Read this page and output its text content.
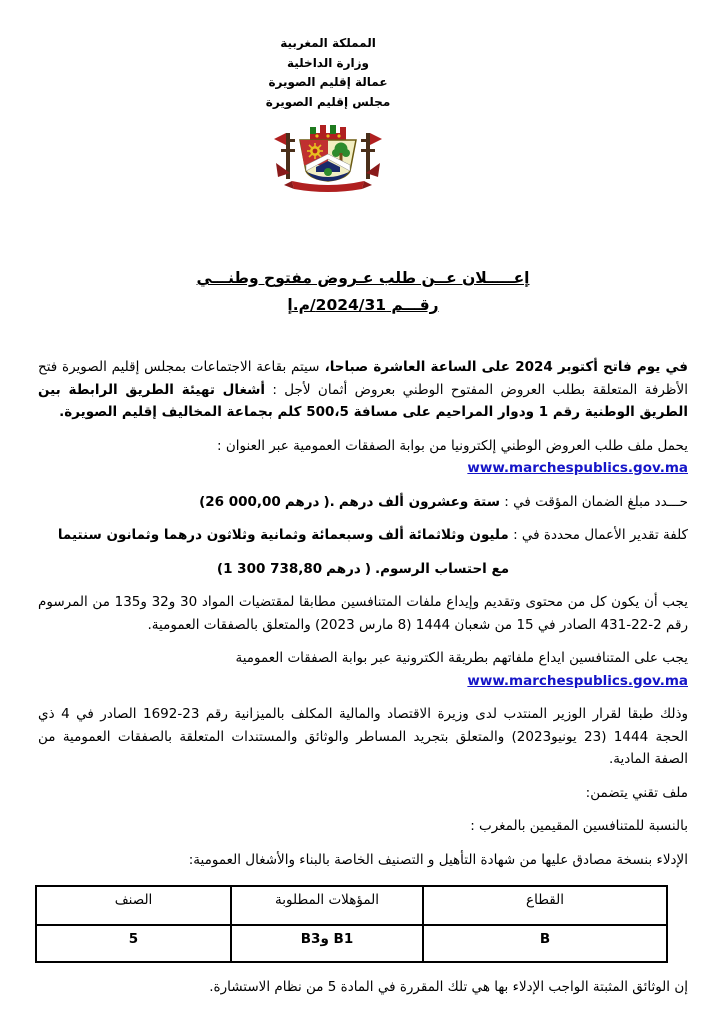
المملكة المغربية
وزارة الداخلية
عمالة إقليم الصويرة
مجلس إقليم الصويرة
إعـــــلان عــن طلب عـروض مفتوح وطنـــي
رقـــم 2024/31/م.إ

في يوم فاتح أكتوبر 2024 على الساعة العاشرة صباحا، سيتم بقاعة الاجتماعات بمجلس إقليم الصويرة فتح الأظرفة المتعلقة بطلب العروض المفتوح الوطني بعروض أثمان لأجل : أشغال تهيئة الطريق الرابطة بين الطريق الوطنية رقم 1 ودوار المراحيم على مسافة 500،5 كلم بجماعة المخاليف إقليم الصويرة.

يحمل ملف طلب العروض الوطني إلكترونيا من بوابة الصفقات العمومية عبر العنوان : www.marchespublics.gov.ma

(26 000,00 درهم ).	حـــدد مبلغ الضمان المؤقت في : ستة وعشرون ألف درهم

كلفة تقدير الأعمال محددة في : مليون وثلاثمائة ألف وسبعمائة وثمانية وثلاثون درهما وثمانون سنتيما

(1 300 738,80 درهم ) مع احتساب الرسوم.

يجب أن يكون كل من محتوى وتقديم وإيداع ملفات المتنافسين مطابقا لمقتضيات المواد 30 و32 و135 من المرسوم رقم 2-22-431 الصادر في 15 من شعبان 1444 (8 مارس 2023) والمتعلق بالصفقات العمومية.

يجب على المتنافسين ايداع ملفاتهم بطريقة الكترونية عبر بوابة الصفقات العمومية www.marchespublics.gov.ma

وذلك طبقا لقرار الوزير المنتدب لدى وزيرة الاقتصاد والمالية المكلف بالميزانية رقم 23-1692 الصادر في 4 ذي الحجة 1444 (23 يونيو2023) والمتعلق بتجريد المساطر والوثائق والمستندات المتعلقة بالصفقات العمومية من الصفة المادية.

ملف تقني يتضمن:

بالنسبة للمتنافسين المقيمين بالمغرب :

الإدلاء بنسخة مصادق عليها من شهادة التأهيل و التصنيف الخاصة بالبناء والأشغال العمومية:

القطاع	المؤهلات المطلوبة	الصنف
B	B1 وB3	5

إن الوثائق المثبتة الواجب الإدلاء بها هي تلك المقررة في المادة 5 من نظام الاستشارة.
